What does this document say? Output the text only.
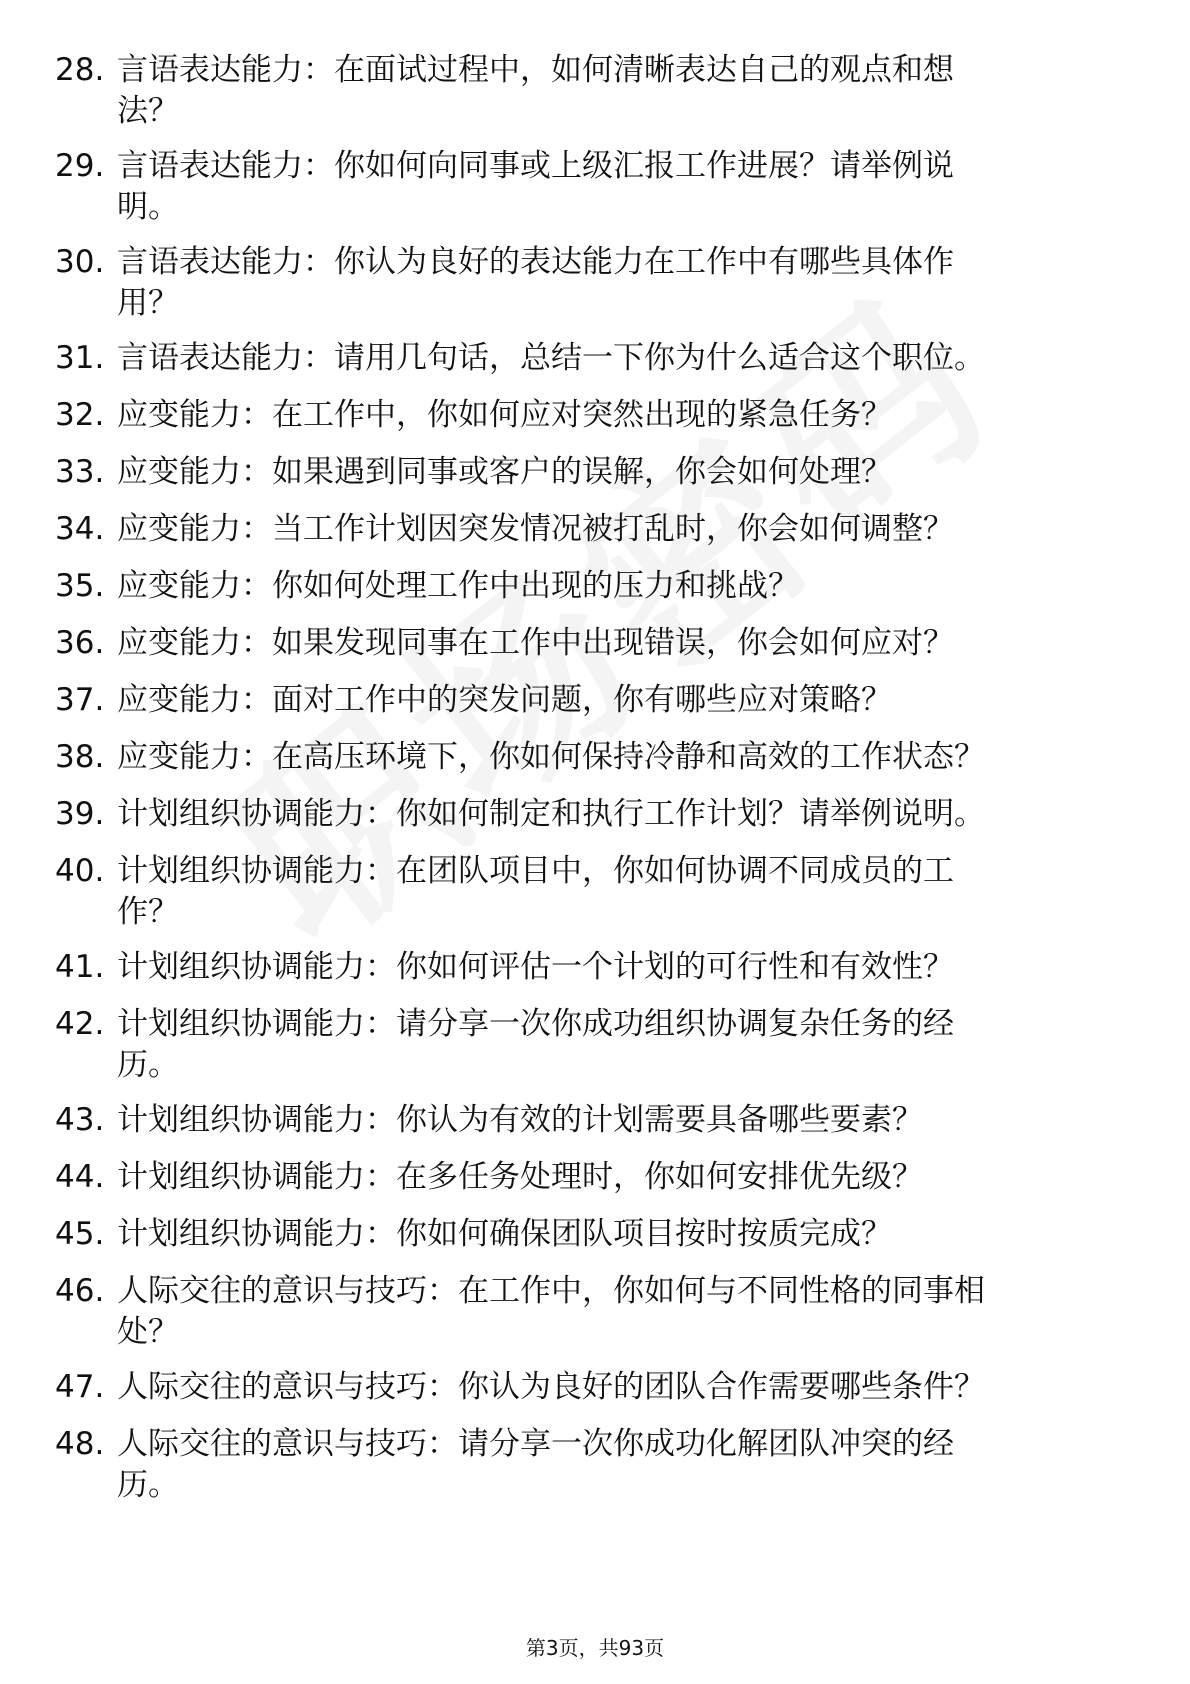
28. 言语表达能力：在面试过程中，如何清晰表达自己的观点和想法？
29. 言语表达能力：你如何向同事或上级汇报工作进展？请举例说明。
30. 言语表达能力：你认为良好的表达能力在工作中有哪些具体作用？
31. 言语表达能力：请用几句话，总结一下你为什么适合这个职位。
32. 应变能力：在工作中，你如何应对突然出现的紧急任务？
33. 应变能力：如果遇到同事或客户的误解，你会如何处理？
34. 应变能力：当工作计划因突发情况被打乱时，你会如何调整？
35. 应变能力：你如何处理工作中出现的压力和挑战？
36. 应变能力：如果发现同事在工作中出现错误，你会如何应对？
37. 应变能力：面对工作中的突发问题，你有哪些应对策略？
38. 应变能力：在高压环境下，你如何保持冷静和高效的工作状态？
39. 计划组织协调能力：你如何制定和执行工作计划？请举例说明。
40. 计划组织协调能力：在团队项目中，你如何协调不同成员的工作？
41. 计划组织协调能力：你如何评估一个计划的可行性和有效性？
42. 计划组织协调能力：请分享一次你成功组织协调复杂任务的经历。
43. 计划组织协调能力：你认为有效的计划需要具备哪些要素？
44. 计划组织协调能力：在多任务处理时，你如何安排优先级？
45. 计划组织协调能力：你如何确保团队项目按时按质完成？
46. 人际交往的意识与技巧：在工作中，你如何与不同性格的同事相处？
47. 人际交往的意识与技巧：你认为良好的团队合作需要哪些条件？
48. 人际交往的意识与技巧：请分享一次你成功化解团队冲突的经历。
第3页，共93页
